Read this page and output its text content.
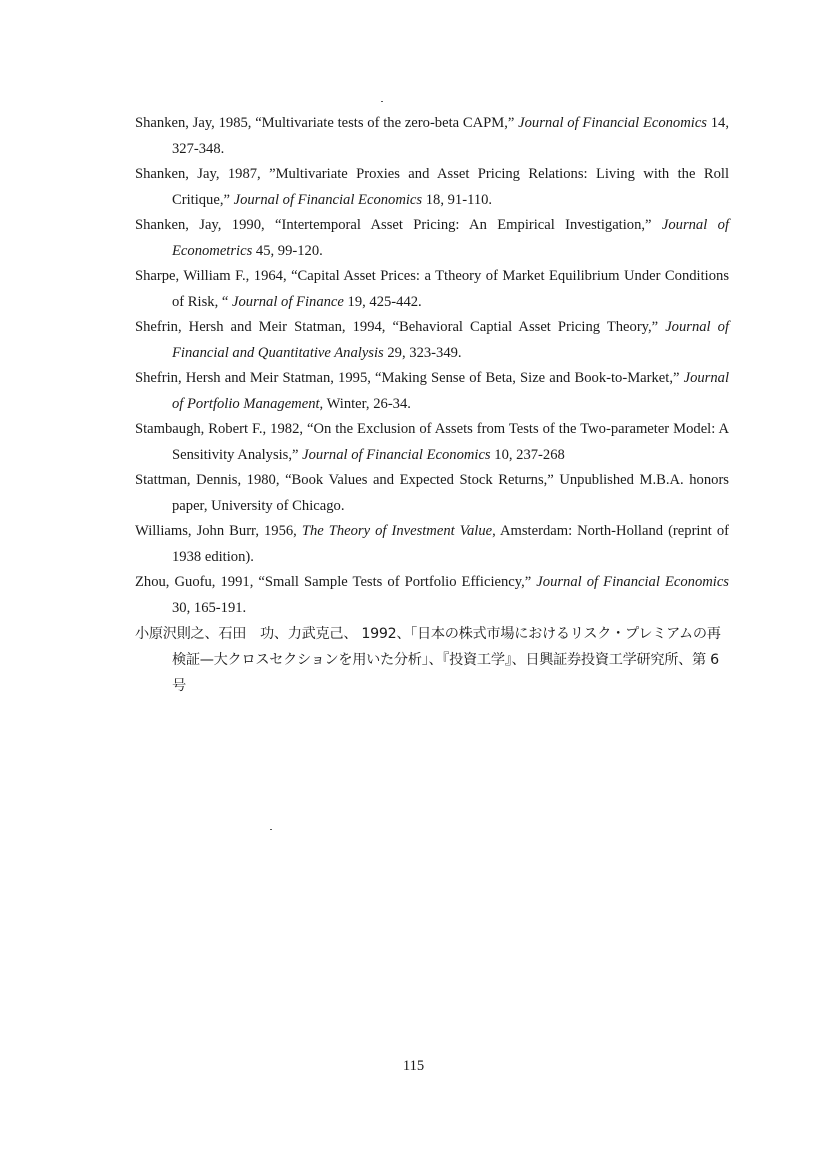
Shanken, Jay, 1985, “Multivariate tests of the zero-beta CAPM,” Journal of Financial Economics 14, 327-348.
Shanken, Jay, 1987, ”Multivariate Proxies and Asset Pricing Relations: Living with the Roll Critique,” Journal of Financial Economics 18, 91-110.
Shanken, Jay, 1990, “Intertemporal Asset Pricing: An Empirical Investigation,” Journal of Econometrics 45, 99-120.
Sharpe, William F., 1964, “Capital Asset Prices: a Ttheory of Market Equilibrium Under Conditions of Risk, “ Journal of Finance 19, 425-442.
Shefrin, Hersh and Meir Statman, 1994, “Behavioral Captial Asset Pricing Theory,” Journal of Financial and Quantitative Analysis 29, 323-349.
Shefrin, Hersh and Meir Statman, 1995, “Making Sense of Beta, Size and Book-to-Market,” Journal of Portfolio Management, Winter, 26-34.
Stambaugh, Robert F., 1982, “On the Exclusion of Assets from Tests of the Two-parameter Model: A Sensitivity Analysis,” Journal of Financial Economics 10, 237-268
Stattman, Dennis, 1980, “Book Values and Expected Stock Returns,” Unpublished M.B.A. honors paper, University of Chicago.
Williams, John Burr, 1956, The Theory of Investment Value, Amsterdam: North-Holland (reprint of 1938 edition).
Zhou, Guofu, 1991, “Small Sample Tests of Portfolio Efficiency,” Journal of Financial Economics 30, 165-191.
小原沢則之、石田　功、力武克己、 1992、「日本の株式市場におけるリスク・プレミアムの再検証—大クロスセクションを用いた分析」、『投資工学』、日興証券投資工学研究所、第 6 号
115
